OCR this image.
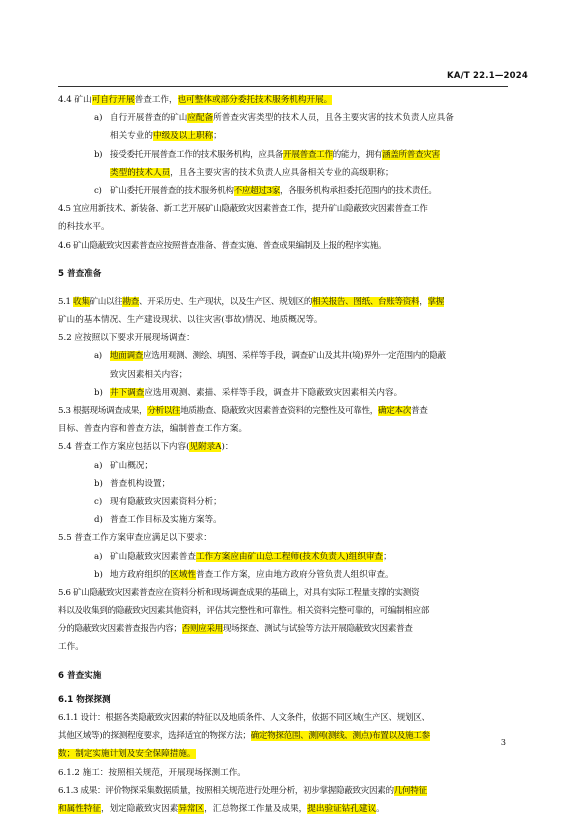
KA/T 22.1—2024
4.4 矿山可自行开展普查工作，也可整体或部分委托技术服务机构开展。
a) 自行开展普查的矿山应配备所普查灾害类型的技术人员，且各主要灾害的技术负责人应具备
相关专业的中级及以上职称；
b) 接受委托开展普查工作的技术服务机构，应具备开展普查工作的能力，拥有涵盖所普查灾害
类型的技术人员，且各主要灾害的技术负责人应具备相关专业的高级职称；
c) 矿山委托开展普查的技术服务机构不应超过3家，各服务机构承担委托范围内的技术责任。
4.5 宜应用新技术、新装备、新工艺开展矿山隐蔽致灾因素普查工作，提升矿山隐蔽致灾因素普查工作
的科技水平。
4.6 矿山隐蔽致灾因素普查应按照普查准备、普查实施、普查成果编制及上报的程序实施。
5 普查准备
5.1 收集矿山以往勘查、开采历史、生产现状，以及生产区、规划区的相关报告、图纸、台账等资料，掌握
矿山的基本情况、生产建设现状、以往灾害(事故)情况、地质概况等。
5.2 应按照以下要求开展现场调查：
a) 地面调查应选用观测、测绘、填图、采样等手段，调查矿山及其井(境)界外一定范围内的隐蔽
致灾因素相关内容；
b) 井下调查应选用观测、素描、采样等手段，调查井下隐蔽致灾因素相关内容。
5.3 根据现场调查成果，分析以往地质勘查、隐蔽致灾因素普查资料的完整性及可靠性，确定本次普查
目标、普查内容和普查方法，编制普查工作方案。
5.4 普查工作方案应包括以下内容(见附录A)：
a) 矿山概况；
b) 普查机构设置；
c) 现有隐蔽致灾因素资料分析；
d) 普查工作目标及实施方案等。
5.5 普查工作方案审查应满足以下要求：
a) 矿山隐蔽致灾因素普查工作方案应由矿山总工程师(技术负责人)组织审查；
b) 地方政府组织的区域性普查工作方案，应由地方政府分管负责人组织审查。
5.6 矿山隐蔽致灾因素普查应在资料分析和现场调查成果的基础上，对具有实际工程量支撑的实测资
料以及收集到的隐蔽致灾因素其他资料，评估其完整性和可靠性。相关资料完整可靠的，可编制相应部
分的隐蔽致灾因素普查报告内容；否则应采用现场探查、测试与试验等方法开展隐蔽致灾因素普查
工作。
6 普查实施
6.1 物探探测
6.1.1 设计：根据各类隐蔽致灾因素的特征以及地质条件、人文条件，依据不同区域(生产区、规划区、
其他区域等)的探测程度要求，选择适宜的物探方法；确定物探范围、测网(测线、测点)布置以及施工参
数；制定实施计划及安全保障措施。
6.1.2 施工：按照相关规范，开展现场探测工作。
6.1.3 成果：评价物探采集数据质量，按照相关规范进行处理分析，初步掌握隐蔽致灾因素的几何特征
和属性特征，划定隐蔽致灾因素异常区，汇总物探工作量及成果，提出验证钻孔建议。
3
